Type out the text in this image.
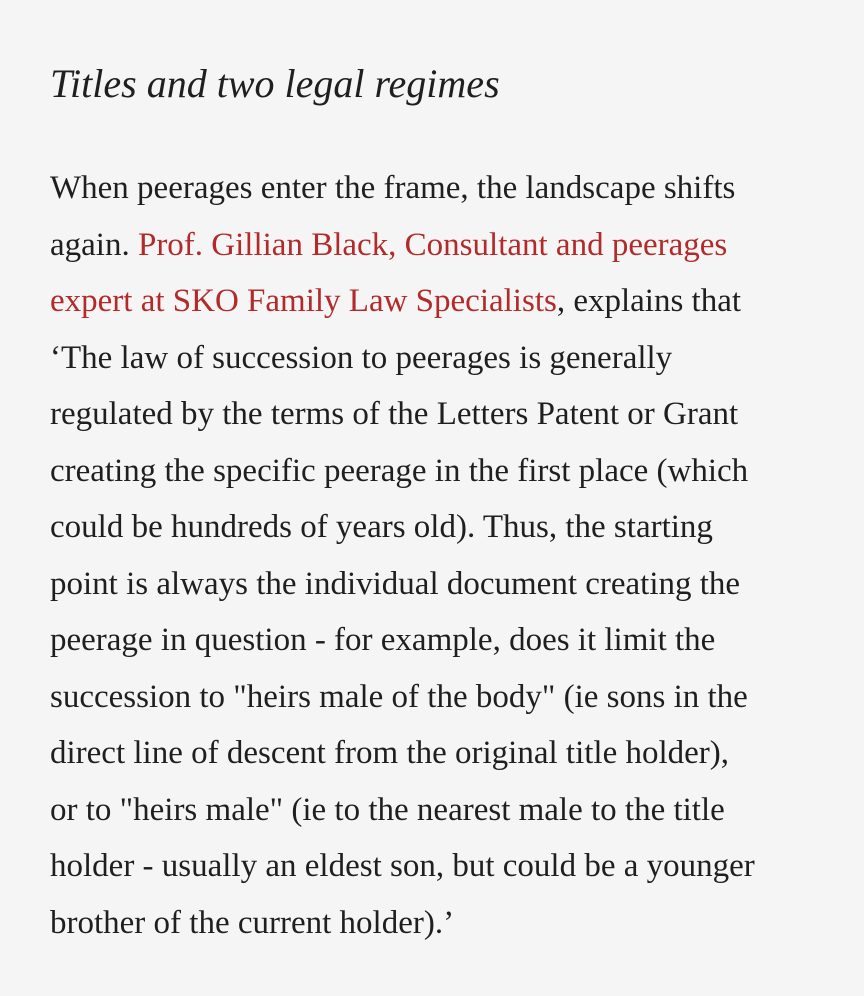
Titles and two legal regimes

When peerages enter the frame, the landscape shifts
again. Prof. Gillian Black, Consultant and peerages
expert at SKO Family Law Specialists, explains that
‘The law of succession to peerages is generally
regulated by the terms of the Letters Patent or Grant
creating the specific peerage in the first place (which
could be hundreds of years old). Thus, the starting
point is always the individual document creating the
peerage in question - for example, does it limit the
succession to "heirs male of the body" (ie sons in the
direct line of descent from the original title holder),
or to "heirs male" (ie to the nearest male to the title
holder - usually an eldest son, but could be a younger
brother of the current holder).’
